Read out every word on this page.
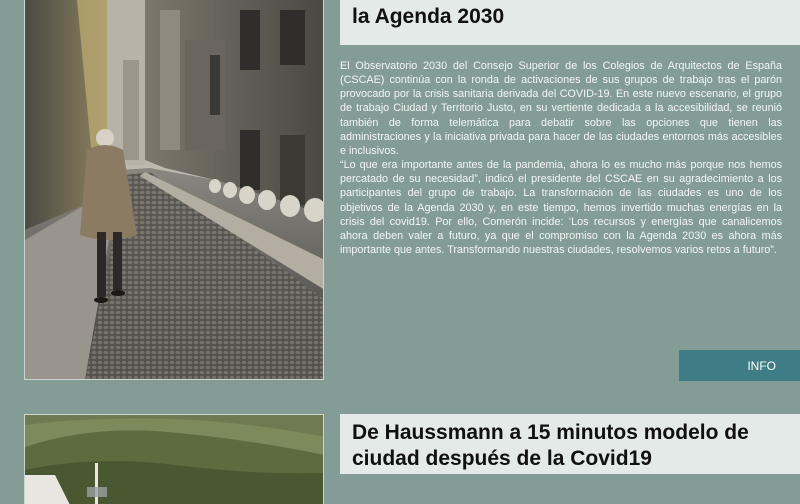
la Agenda 2030

El Observatorio 2030 del Consejo Superior de los Colegios de Arquitectos de España (CSCAE) continúa con la ronda de activaciones de sus grupos de trabajo tras el parón provocado por la crisis sanitaria derivada del COVID-19. En este nuevo escenario, el grupo de trabajo Ciudad y Territorio Justo, en su vertiente dedicada a la accesibilidad, se reunió también de forma telemática para debatir sobre las opciones que tienen las administraciones y la iniciativa privada para hacer de las ciudades entornos más accesibles e inclusivos.

“Lo que era importante antes de la pandemia, ahora lo es mucho más porque nos hemos percatado de su necesidad”, indicó el presidente del CSCAE en su agradecimiento a los participantes del grupo de trabajo. La transformación de las ciudades es uno de los objetivos de la Agenda 2030 y, en este tiempo, hemos invertido muchas energías en la crisis del covid19. Por ello, Comerón incide: ‘Los recursos y energías que canalicemos ahora deben valer a futuro, ya que el compromiso con la Agenda 2030 es ahora más importante que antes. Transformando nuestras ciudades, resolvemos varios retos a futuro”.

INFO
De Haussmann a 15 minutos modelo de ciudad después de la Covid19
